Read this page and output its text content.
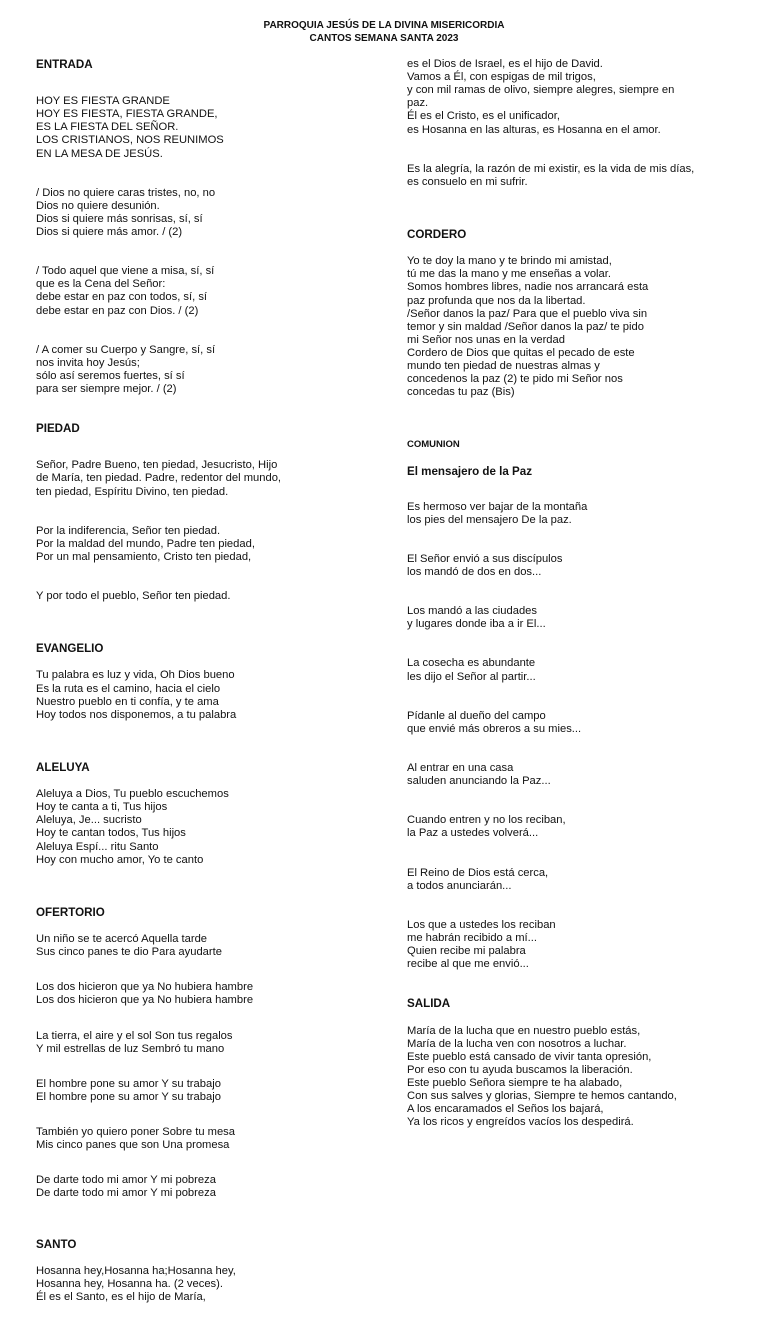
PARROQUIA JESÚS DE LA DIVINA MISERICORDIA
CANTOS SEMANA SANTA 2023

ENTRADA

HOY ES FIESTA GRANDE
HOY ES FIESTA, FIESTA GRANDE,
ES LA FIESTA DEL SEÑOR.
LOS CRISTIANOS, NOS REUNIMOS
EN LA MESA DE JESÚS.

/ Dios no quiere caras tristes, no, no
Dios no quiere desunión.
Dios si quiere más sonrisas, sí, sí
Dios si quiere más amor. / (2)

/ Todo aquel que viene a misa, sí, sí
que es la Cena del Señor:
debe estar en paz con todos, sí, sí
debe estar en paz con Dios. / (2)

/ A comer su Cuerpo y Sangre, sí, sí
nos invita hoy Jesús;
sólo así seremos fuertes, sí sí
para ser siempre mejor. / (2)

PIEDAD

Señor, Padre Bueno, ten piedad, Jesucristo, Hijo
de María, ten piedad. Padre, redentor del mundo,
ten piedad, Espíritu Divino, ten piedad.

Por la indiferencia, Señor ten piedad.
Por la maldad del mundo, Padre ten piedad,
Por un mal pensamiento, Cristo ten piedad,

Y por todo el pueblo, Señor ten piedad.

EVANGELIO

Tu palabra es luz y vida, Oh Dios bueno
Es la ruta es el camino, hacia el cielo
Nuestro pueblo en ti confía, y te ama
Hoy todos nos disponemos, a tu palabra

ALELUYA

Aleluya a Dios, Tu pueblo escuchemos
Hoy te canta a ti, Tus hijos
Aleluya, Je... sucristo
Hoy te cantan todos, Tus hijos
Aleluya Espí... ritu Santo
Hoy con mucho amor, Yo te canto

OFERTORIO

Un niño se te acercó Aquella tarde
Sus cinco panes te dio Para ayudarte

Los dos hicieron que ya No hubiera hambre
Los dos hicieron que ya No hubiera hambre

La tierra, el aire y el sol Son tus regalos
Y mil estrellas de luz Sembró tu mano

El hombre pone su amor Y su trabajo
El hombre pone su amor Y su trabajo

También yo quiero poner Sobre tu mesa
Mis cinco panes que son Una promesa

De darte todo mi amor Y mi pobreza
De darte todo mi amor Y mi pobreza

SANTO

Hosanna hey,Hosanna ha;Hosanna hey,
Hosanna hey, Hosanna ha. (2 veces).
Él es el Santo, es el hijo de María,

es el Dios de Israel, es el hijo de David.
Vamos a Él, con espigas de mil trigos,
y con mil ramas de olivo, siempre alegres, siempre en
paz.
Él es el Cristo, es el unificador,
es Hosanna en las alturas, es Hosanna en el amor.

Es la alegría, la razón de mi existir, es la vida de mis días,
es consuelo en mi sufrir.

CORDERO

Yo te doy la mano y te brindo mi amistad,
tú me das la mano y me enseñas a volar.
Somos hombres libres, nadie nos arrancará esta
paz profunda que nos da la libertad.
/Señor danos la paz/ Para que el pueblo viva sin
temor y sin maldad /Señor danos la paz/ te pido
mi Señor nos unas en la verdad
Cordero de Dios que quitas el pecado de este
mundo ten piedad de nuestras almas y
concedenos la paz (2) te pido mi Señor nos
concedas tu paz (Bis)

COMUNION

El mensajero de la Paz

Es hermoso ver bajar de la montaña
los pies del mensajero De la paz.

El Señor envió a sus discípulos
los mandó de dos en dos...

Los mandó a las ciudades
y lugares donde iba a ir El...

La cosecha es abundante
les dijo el Señor al partir...

Pídanle al dueño del campo
que envié más obreros a su mies...

Al entrar en una casa
saluden anunciando la Paz...

Cuando entren y no los reciban,
la Paz a ustedes volverá...

El Reino de Dios está cerca,
a todos anunciarán...

Los que a ustedes los reciban
me habrán recibido a mí...
Quien recibe mi palabra
recibe al que me envió...

SALIDA

María de la lucha que en nuestro pueblo estás,
María de la lucha ven con nosotros a luchar.
Este pueblo está cansado de vivir tanta opresión,
Por eso con tu ayuda buscamos la liberación.
Este pueblo Señora siempre te ha alabado,
Con sus salves y glorias, Siempre te hemos cantando,
A los encaramados el Seños los bajará,
Ya los ricos y engreídos vacíos los despedirá.
